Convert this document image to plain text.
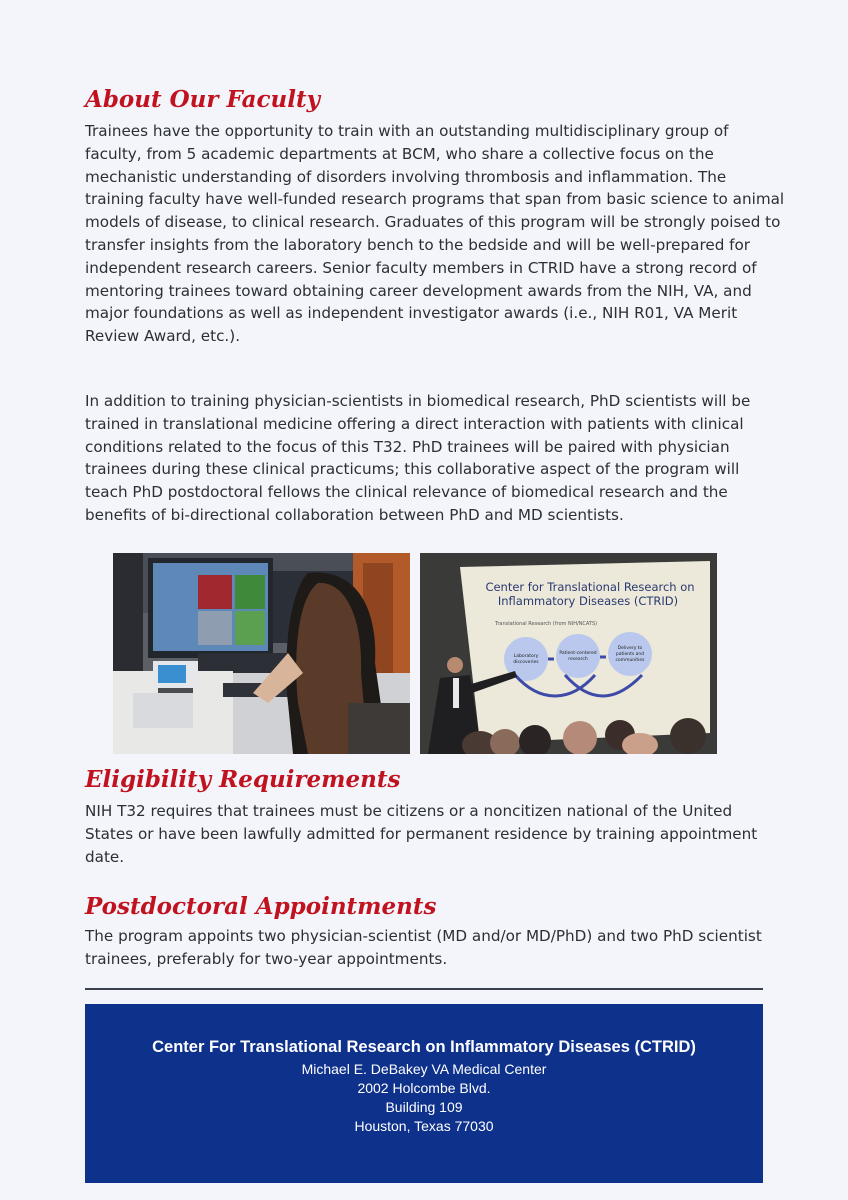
About Our Faculty

Trainees have the opportunity to train with an outstanding multidisciplinary group of faculty, from 5 academic departments at BCM, who share a collective focus on the mechanistic understanding of disorders involving thrombosis and inflammation. The training faculty have well-funded research programs that span from basic science to animal models of disease, to clinical research. Graduates of this program will be strongly poised to transfer insights from the laboratory bench to the bedside and will be well-prepared for independent research careers. Senior faculty members in CTRID have a strong record of mentoring trainees toward obtaining career development awards from the NIH, VA, and major foundations as well as independent investigator awards (i.e., NIH R01, VA Merit Review Award, etc.).

In addition to training physician-scientists in biomedical research, PhD scientists will be trained in translational medicine offering a direct interaction with patients with clinical conditions related to the focus of this T32. PhD trainees will be paired with physician trainees during these clinical practicums; this collaborative aspect of the program will teach PhD postdoctoral fellows the clinical relevance of biomedical research and the benefits of bi-directional collaboration between PhD and MD scientists.

Center for Translational Research on
Inflammatory Diseases (CTRID)
Translational Research (from NIH/NCATS)
Laboratory
discoveries
Patient-centered
research
Delivery to
patients and
communities
Eligibility Requirements

NIH T32 requires that trainees must be citizens or a noncitizen national of the United States or have been lawfully admitted for permanent residence by training appointment date.

Postdoctoral Appointments

The program appoints two physician-scientist (MD and/or MD/PhD) and two PhD scientist trainees, preferably for two-year appointments.

Center For Translational Research on Inflammatory Diseases (CTRID)
Michael E. DeBakey VA Medical Center
2002 Holcombe Blvd.
Building 109
Houston, Texas 77030
